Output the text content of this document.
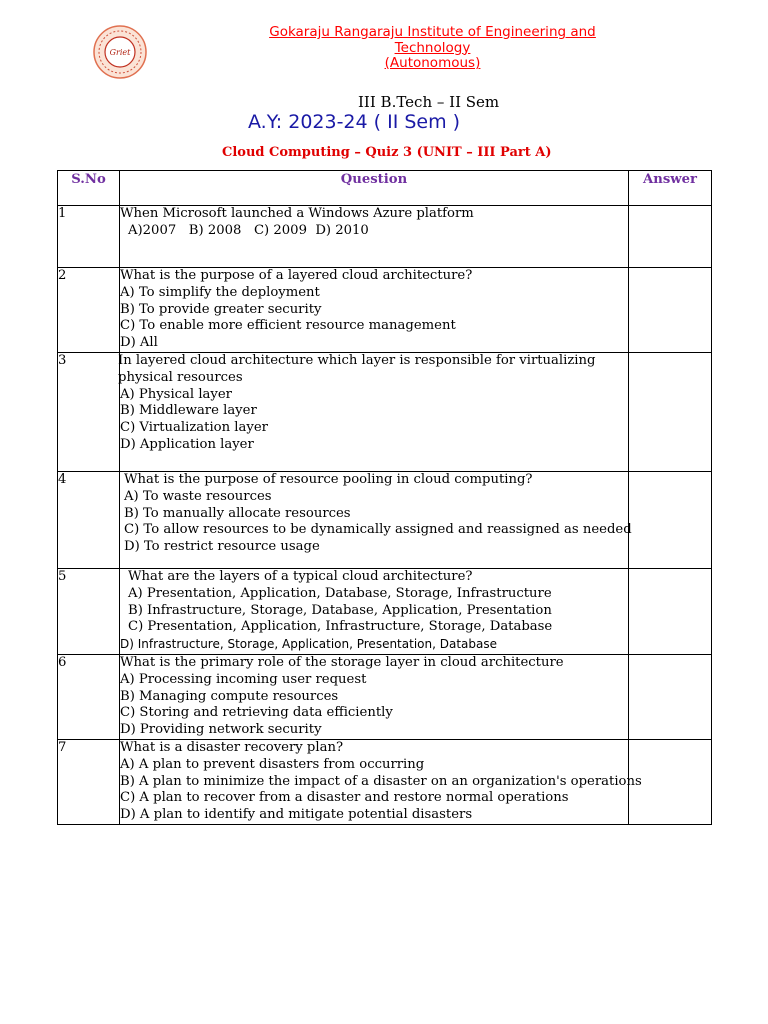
Griet
Gokaraju Rangaraju Institute of Engineering and
Technology
(Autonomous)
III B.Tech – II Sem
A.Y: 2023-24 ( II Sem )
Cloud Computing – Quiz 3 (UNIT – III Part A)
S.No	Question	Answer
1	When Microsoft launched a Windows Azure platform
A)2007   B) 2008   C) 2009  D) 2010	

2	What is the purpose of a layered cloud architecture?
A) To simplify the deployment
B) To provide greater security
C) To enable more efficient resource management
D) All	

3	In layered cloud architecture which layer is responsible for virtualizing physical resources
A) Physical layer
B) Middleware layer
C) Virtualization layer
D) Application layer	

4	What is the purpose of resource pooling in cloud computing?
A) To waste resources
B) To manually allocate resources
C) To allow resources to be dynamically assigned and reassigned as needed
D) To restrict resource usage	

5	What are the layers of a typical cloud architecture?
A) Presentation, Application, Database, Storage, Infrastructure
B) Infrastructure, Storage, Database, Application, Presentation
C) Presentation, Application, Infrastructure, Storage, Database
D) Infrastructure, Storage, Application, Presentation, Database	

6	What is the primary role of the storage layer in cloud architecture
A) Processing incoming user request
B) Managing compute resources
C) Storing and retrieving data efficiently
D) Providing network security	

7	What is a disaster recovery plan?
A) A plan to prevent disasters from occurring
B) A plan to minimize the impact of a disaster on an organization's operations
C) A plan to recover from a disaster and restore normal operations
D) A plan to identify and mitigate potential disasters	
